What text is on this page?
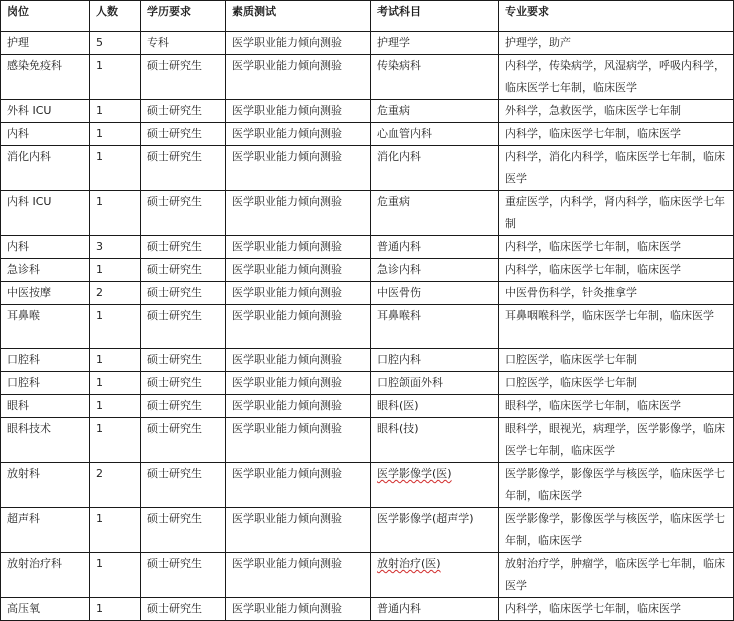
岗位	人数	学历要求	素质测试	考试科目	专业要求
护理	5	专科	医学职业能力倾向测验	护理学	护理学，助产
感染免疫科	1	硕士研究生	医学职业能力倾向测验	传染病科	内科学，传染病学，风湿病学，呼吸内科学，临床医学七年制，临床医学
外科 ICU	1	硕士研究生	医学职业能力倾向测验	危重病	外科学，急救医学，临床医学七年制
内科	1	硕士研究生	医学职业能力倾向测验	心血管内科	内科学，临床医学七年制，临床医学
消化内科	1	硕士研究生	医学职业能力倾向测验	消化内科	内科学，消化内科学，临床医学七年制，临床医学
内科 ICU	1	硕士研究生	医学职业能力倾向测验	危重病	重症医学，内科学，肾内科学，临床医学七年制
内科	3	硕士研究生	医学职业能力倾向测验	普通内科	内科学，临床医学七年制，临床医学
急诊科	1	硕士研究生	医学职业能力倾向测验	急诊内科	内科学，临床医学七年制，临床医学
中医按摩	2	硕士研究生	医学职业能力倾向测验	中医骨伤	中医骨伤科学，针灸推拿学
耳鼻喉	1	硕士研究生	医学职业能力倾向测验	耳鼻喉科	耳鼻咽喉科学，临床医学七年制，临床医学
口腔科	1	硕士研究生	医学职业能力倾向测验	口腔内科	口腔医学，临床医学七年制
口腔科	1	硕士研究生	医学职业能力倾向测验	口腔颌面外科	口腔医学，临床医学七年制
眼科	1	硕士研究生	医学职业能力倾向测验	眼科(医)	眼科学，临床医学七年制，临床医学
眼科技术	1	硕士研究生	医学职业能力倾向测验	眼科(技)	眼科学，眼视光，病理学，医学影像学，临床医学七年制，临床医学
放射科	2	硕士研究生	医学职业能力倾向测验	医学影像学(医)	医学影像学，影像医学与核医学，临床医学七年制，临床医学
超声科	1	硕士研究生	医学职业能力倾向测验	医学影像学(超声学)	医学影像学，影像医学与核医学，临床医学七年制，临床医学
放射治疗科	1	硕士研究生	医学职业能力倾向测验	放射治疗(医)	放射治疗学，肿瘤学，临床医学七年制，临床医学
高压氧	1	硕士研究生	医学职业能力倾向测验	普通内科	内科学，临床医学七年制，临床医学
